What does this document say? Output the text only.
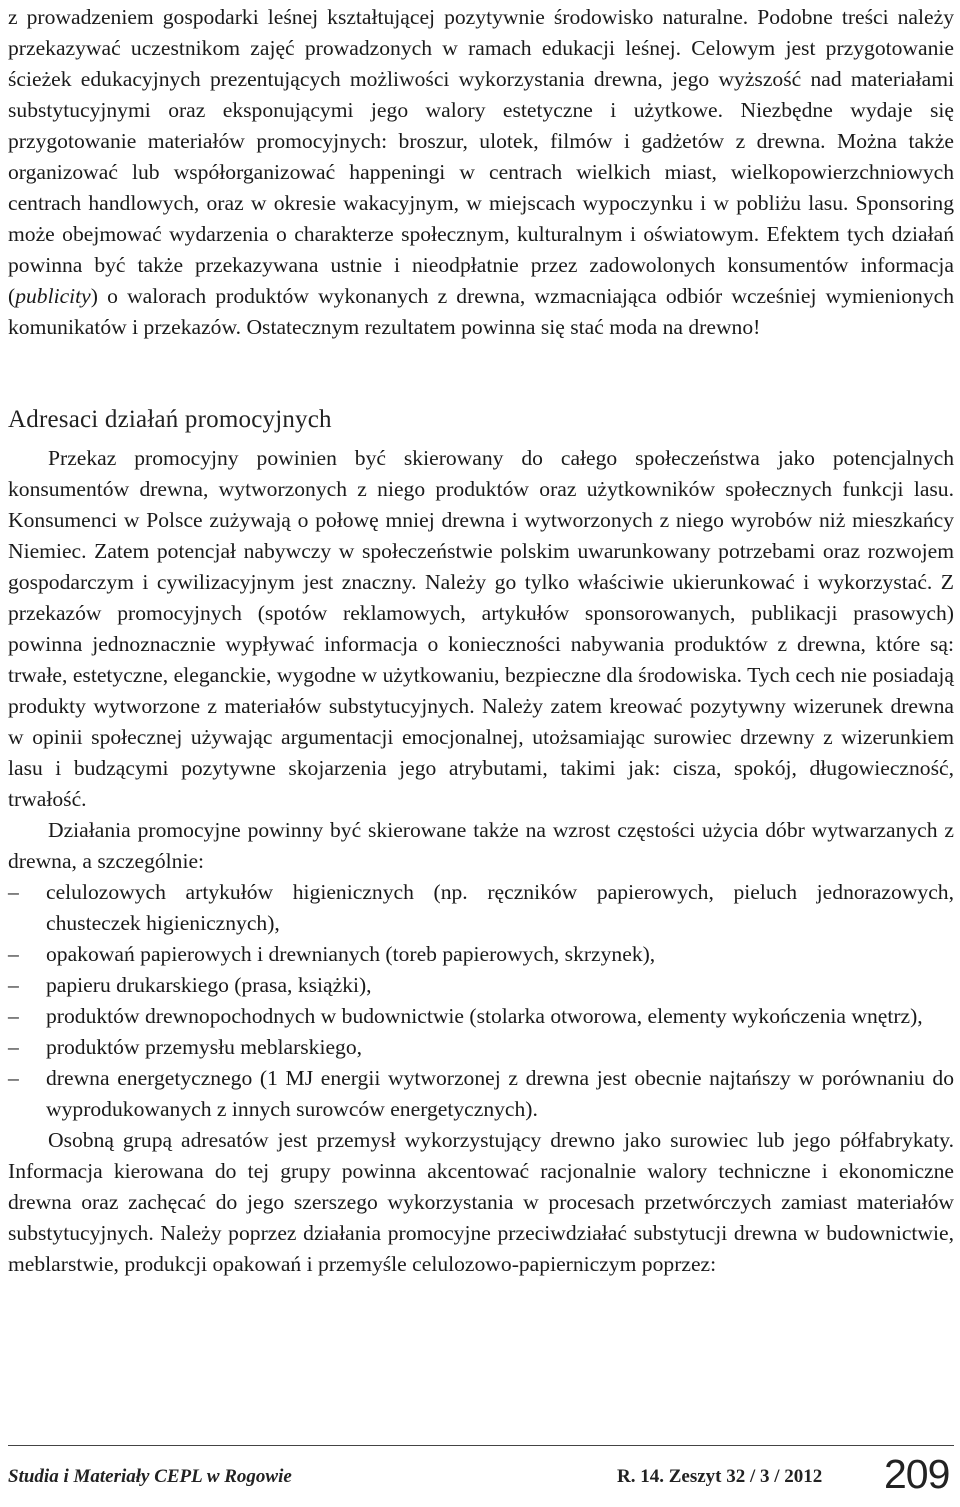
z prowadzeniem gospodarki leśnej kształtującej pozytywnie środowisko naturalne. Podobne treści należy przekazywać uczestnikom zajęć prowadzonych w ramach edukacji leśnej. Celowym jest przygotowanie ścieżek edukacyjnych prezentujących możliwości wykorzystania drewna, jego wyższość nad materiałami substytucyjnymi oraz eksponującymi jego walory estetyczne i użytkowe. Niezbędne wydaje się przygotowanie materiałów promocyjnych: broszur, ulotek, filmów i gadżetów z drewna. Można także organizować lub współorganizować happeningi w centrach wielkich miast, wielkopowierzchniowych centrach handlowych, oraz w okresie wakacyjnym, w miejscach wypoczynku i w pobliżu lasu. Sponsoring może obejmować wydarzenia o charakterze społecznym, kulturalnym i oświatowym. Efektem tych działań powinna być także przekazywana ustnie i nieodpłatnie przez zadowolonych konsumentów informacja (publicity) o walorach produktów wykonanych z drewna, wzmacniająca odbiór wcześniej wymienionych komunikatów i przekazów. Ostatecznym rezultatem powinna się stać moda na drewno!

Adresaci działań promocyjnych

Przekaz promocyjny powinien być skierowany do całego społeczeństwa jako potencjalnych konsumentów drewna, wytworzonych z niego produktów oraz użytkowników społecznych funkcji lasu. Konsumenci w Polsce zużywają o połowę mniej drewna i wytworzonych z niego wyrobów niż mieszkańcy Niemiec. Zatem potencjał nabywczy w społeczeństwie polskim uwarunkowany potrzebami oraz rozwojem gospodarczym i cywilizacyjnym jest znaczny. Należy go tylko właściwie ukierunkować i wykorzystać. Z przekazów promocyjnych (spotów reklamowych, artykułów sponsorowanych, publikacji prasowych) powinna jednoznacznie wypływać informacja o konieczności nabywania produktów z drewna, które są: trwałe, estetyczne, eleganckie, wygodne w użytkowaniu, bezpieczne dla środowiska. Tych cech nie posiadają produkty wytworzone z materiałów substytucyjnych. Należy zatem kreować pozytywny wizerunek drewna w opinii społecznej używając argumentacji emocjonalnej, utożsamiając surowiec drzewny z wizerunkiem lasu i budzącymi pozytywne skojarzenia jego atrybutami, takimi jak: cisza, spokój, długowieczność, trwałość.

Działania promocyjne powinny być skierowane także na wzrost częstości użycia dóbr wytwarzanych z drewna, a szczególnie:

– celulozowych artykułów higienicznych (np. ręczników papierowych, pieluch jednorazowych, chusteczek higienicznych),
– opakowań papierowych i drewnianych (toreb papierowych, skrzynek),
– papieru drukarskiego (prasa, książki),
– produktów drewnopochodnych w budownictwie (stolarka otworowa, elementy wykończenia wnętrz),
– produktów przemysłu meblarskiego,
– drewna energetycznego (1 MJ energii wytworzonej z drewna jest obecnie najtańszy w porównaniu do wyprodukowanych z innych surowców energetycznych).

Osobną grupą adresatów jest przemysł wykorzystujący drewno jako surowiec lub jego półfabrykaty. Informacja kierowana do tej grupy powinna akcentować racjonalnie walory techniczne i ekonomiczne drewna oraz zachęcać do jego szerszego wykorzystania w procesach przetwórczych zamiast materiałów substytucyjnych. Należy poprzez działania promocyjne przeciwdziałać substytucji drewna w budownictwie, meblarstwie, produkcji opakowań i przemyśle celulozowo-papierniczym poprzez:

Studia i Materiały CEPL w Rogowie	R. 14. Zeszyt 32 / 3 / 2012 209
